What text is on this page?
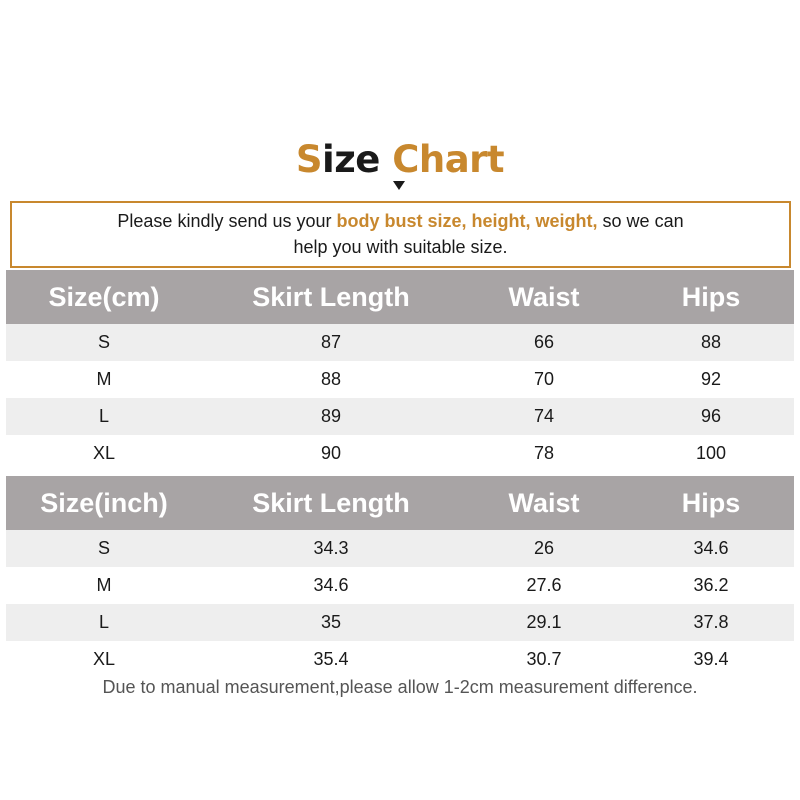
Size Chart
Please kindly send us your body bust size, height, weight, so we can
help you with suitable size.
Size(cm)	Skirt Length	Waist	Hips
S	87	66	88
M	88	70	92
L	89	74	96
XL	90	78	100
Size(inch)	Skirt Length	Waist	Hips
S	34.3	26	34.6
M	34.6	27.6	36.2
L	35	29.1	37.8
XL	35.4	30.7	39.4
Due to manual measurement,please allow 1-2cm measurement difference.
